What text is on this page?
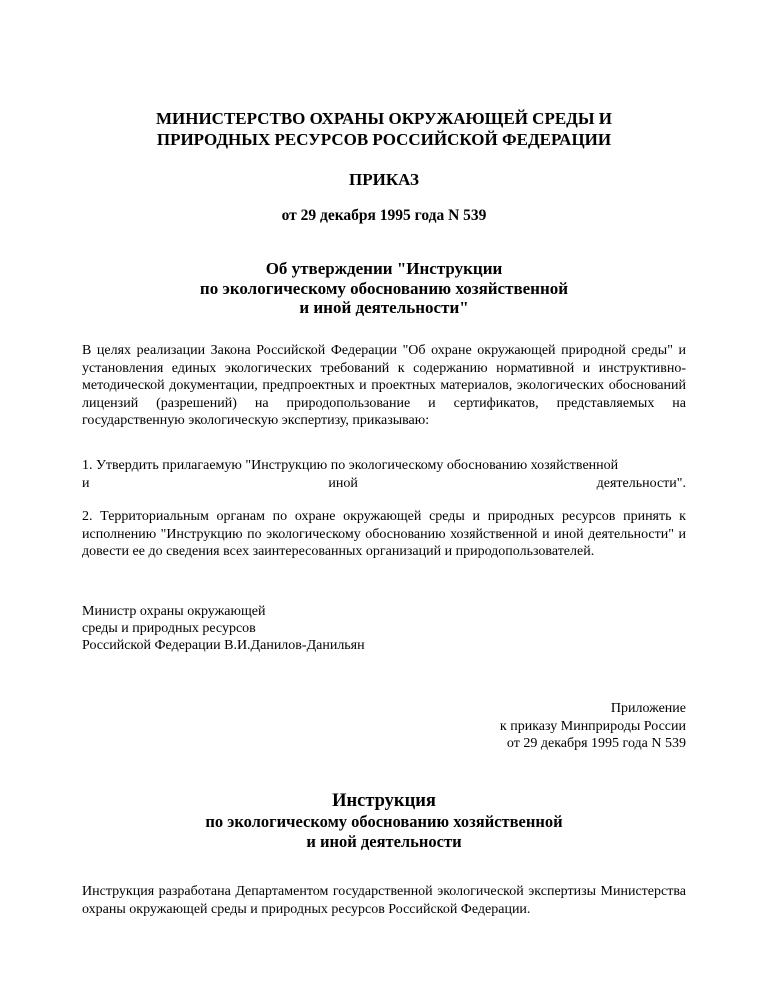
МИНИСТЕРСТВО ОХРАНЫ ОКРУЖАЮЩЕЙ СРЕДЫ И
ПРИРОДНЫХ РЕСУРСОВ РОССИЙСКОЙ ФЕДЕРАЦИИ
ПРИКАЗ
от 29 декабря 1995 года N 539
Об утверждении "Инструкции
по экологическому обоснованию хозяйственной
и иной деятельности"

В целях реализации Закона Российской Федерации "Об охране окружающей природной среды" и установления единых экологических требований к содержанию нормативной и инструктивно-методической документации, предпроектных и проектных материалов, экологических обоснований лицензий (разрешений) на природопользование и сертификатов, представляемых на государственную экологическую экспертизу, приказываю:

1. Утвердить прилагаемую "Инструкцию по экологическому обоснованию хозяйственной
и	иной	деятельности".

2. Территориальным органам по охране окружающей среды и природных ресурсов принять к исполнению "Инструкцию по экологическому обоснованию хозяйственной и иной деятельности" и довести ее до сведения всех заинтересованных организаций и природопользователей.

Министр охраны окружающей
среды и природных ресурсов
Российской Федерации В.И.Данилов-Данильян
Приложение
к приказу Минприроды России
от 29 декабря 1995 года N 539
Инструкция
по экологическому обоснованию хозяйственной
и иной деятельности

Инструкция разработана Департаментом государственной экологической экспертизы Министерства охраны окружающей среды и природных ресурсов Российской Федерации.
